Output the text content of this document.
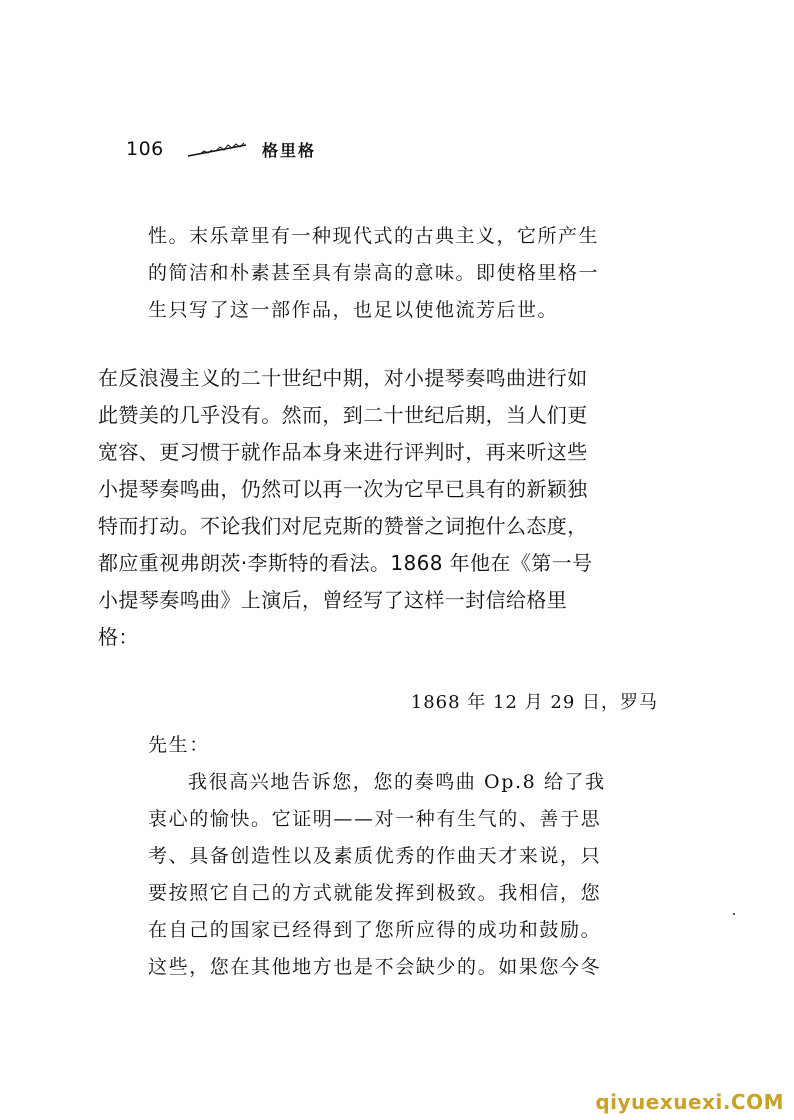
106	格里格
性。末乐章里有一种现代式的古典主义，它所产生
的简洁和朴素甚至具有崇高的意味。即使格里格一
生只写了这一部作品，也足以使他流芳后世。
在反浪漫主义的二十世纪中期，对小提琴奏鸣曲进行如
此赞美的几乎没有。然而，到二十世纪后期，当人们更
宽容、更习惯于就作品本身来进行评判时，再来听这些
小提琴奏鸣曲，仍然可以再一次为它早已具有的新颖独
特而打动。不论我们对尼克斯的赞誉之词抱什么态度，
都应重视弗朗茨·李斯特的看法。1868 年他在《第一号
小提琴奏鸣曲》上演后，曾经写了这样一封信给格里
格：
1868 年 12 月 29 日，罗马
先生：
我很高兴地告诉您，您的奏鸣曲 Op.8 给了我
衷心的愉快。它证明——对一种有生气的、善于思
考、具备创造性以及素质优秀的作曲天才来说，只
要按照它自己的方式就能发挥到极致。我相信，您
在自己的国家已经得到了您所应得的成功和鼓励。
这些，您在其他地方也是不会缺少的。如果您今冬
qiyuexuexi.COM
